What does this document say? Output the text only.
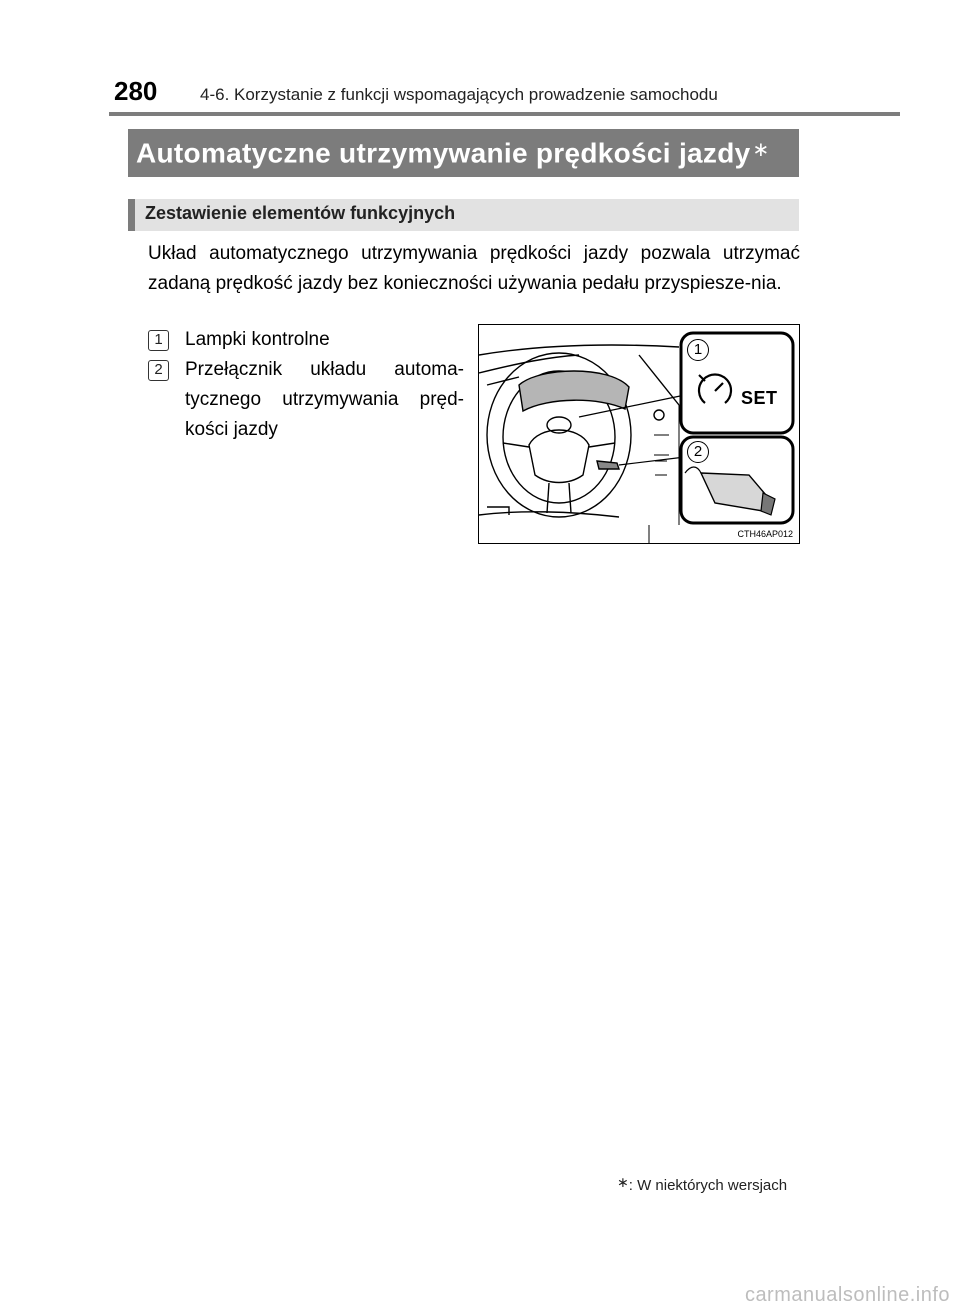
280	4-6. Korzystanie z funkcji wspomagających prowadzenie samochodu
Automatyczne utrzymywanie prędkości jazdy ∗
Zestawienie elementów funkcyjnych
Układ automatycznego utrzymywania prędkości jazdy pozwala utrzymać zadaną prędkość jazdy bez konieczności używania pedału przyspiesze-nia.
1	Lampki kontrolne
2	Przełącznik układu automa-tycznego utrzymywania pręd-kości jazdy
1
2
SET
CTH46AP012
∗: W niektórych wersjach
carmanualsonline.info
